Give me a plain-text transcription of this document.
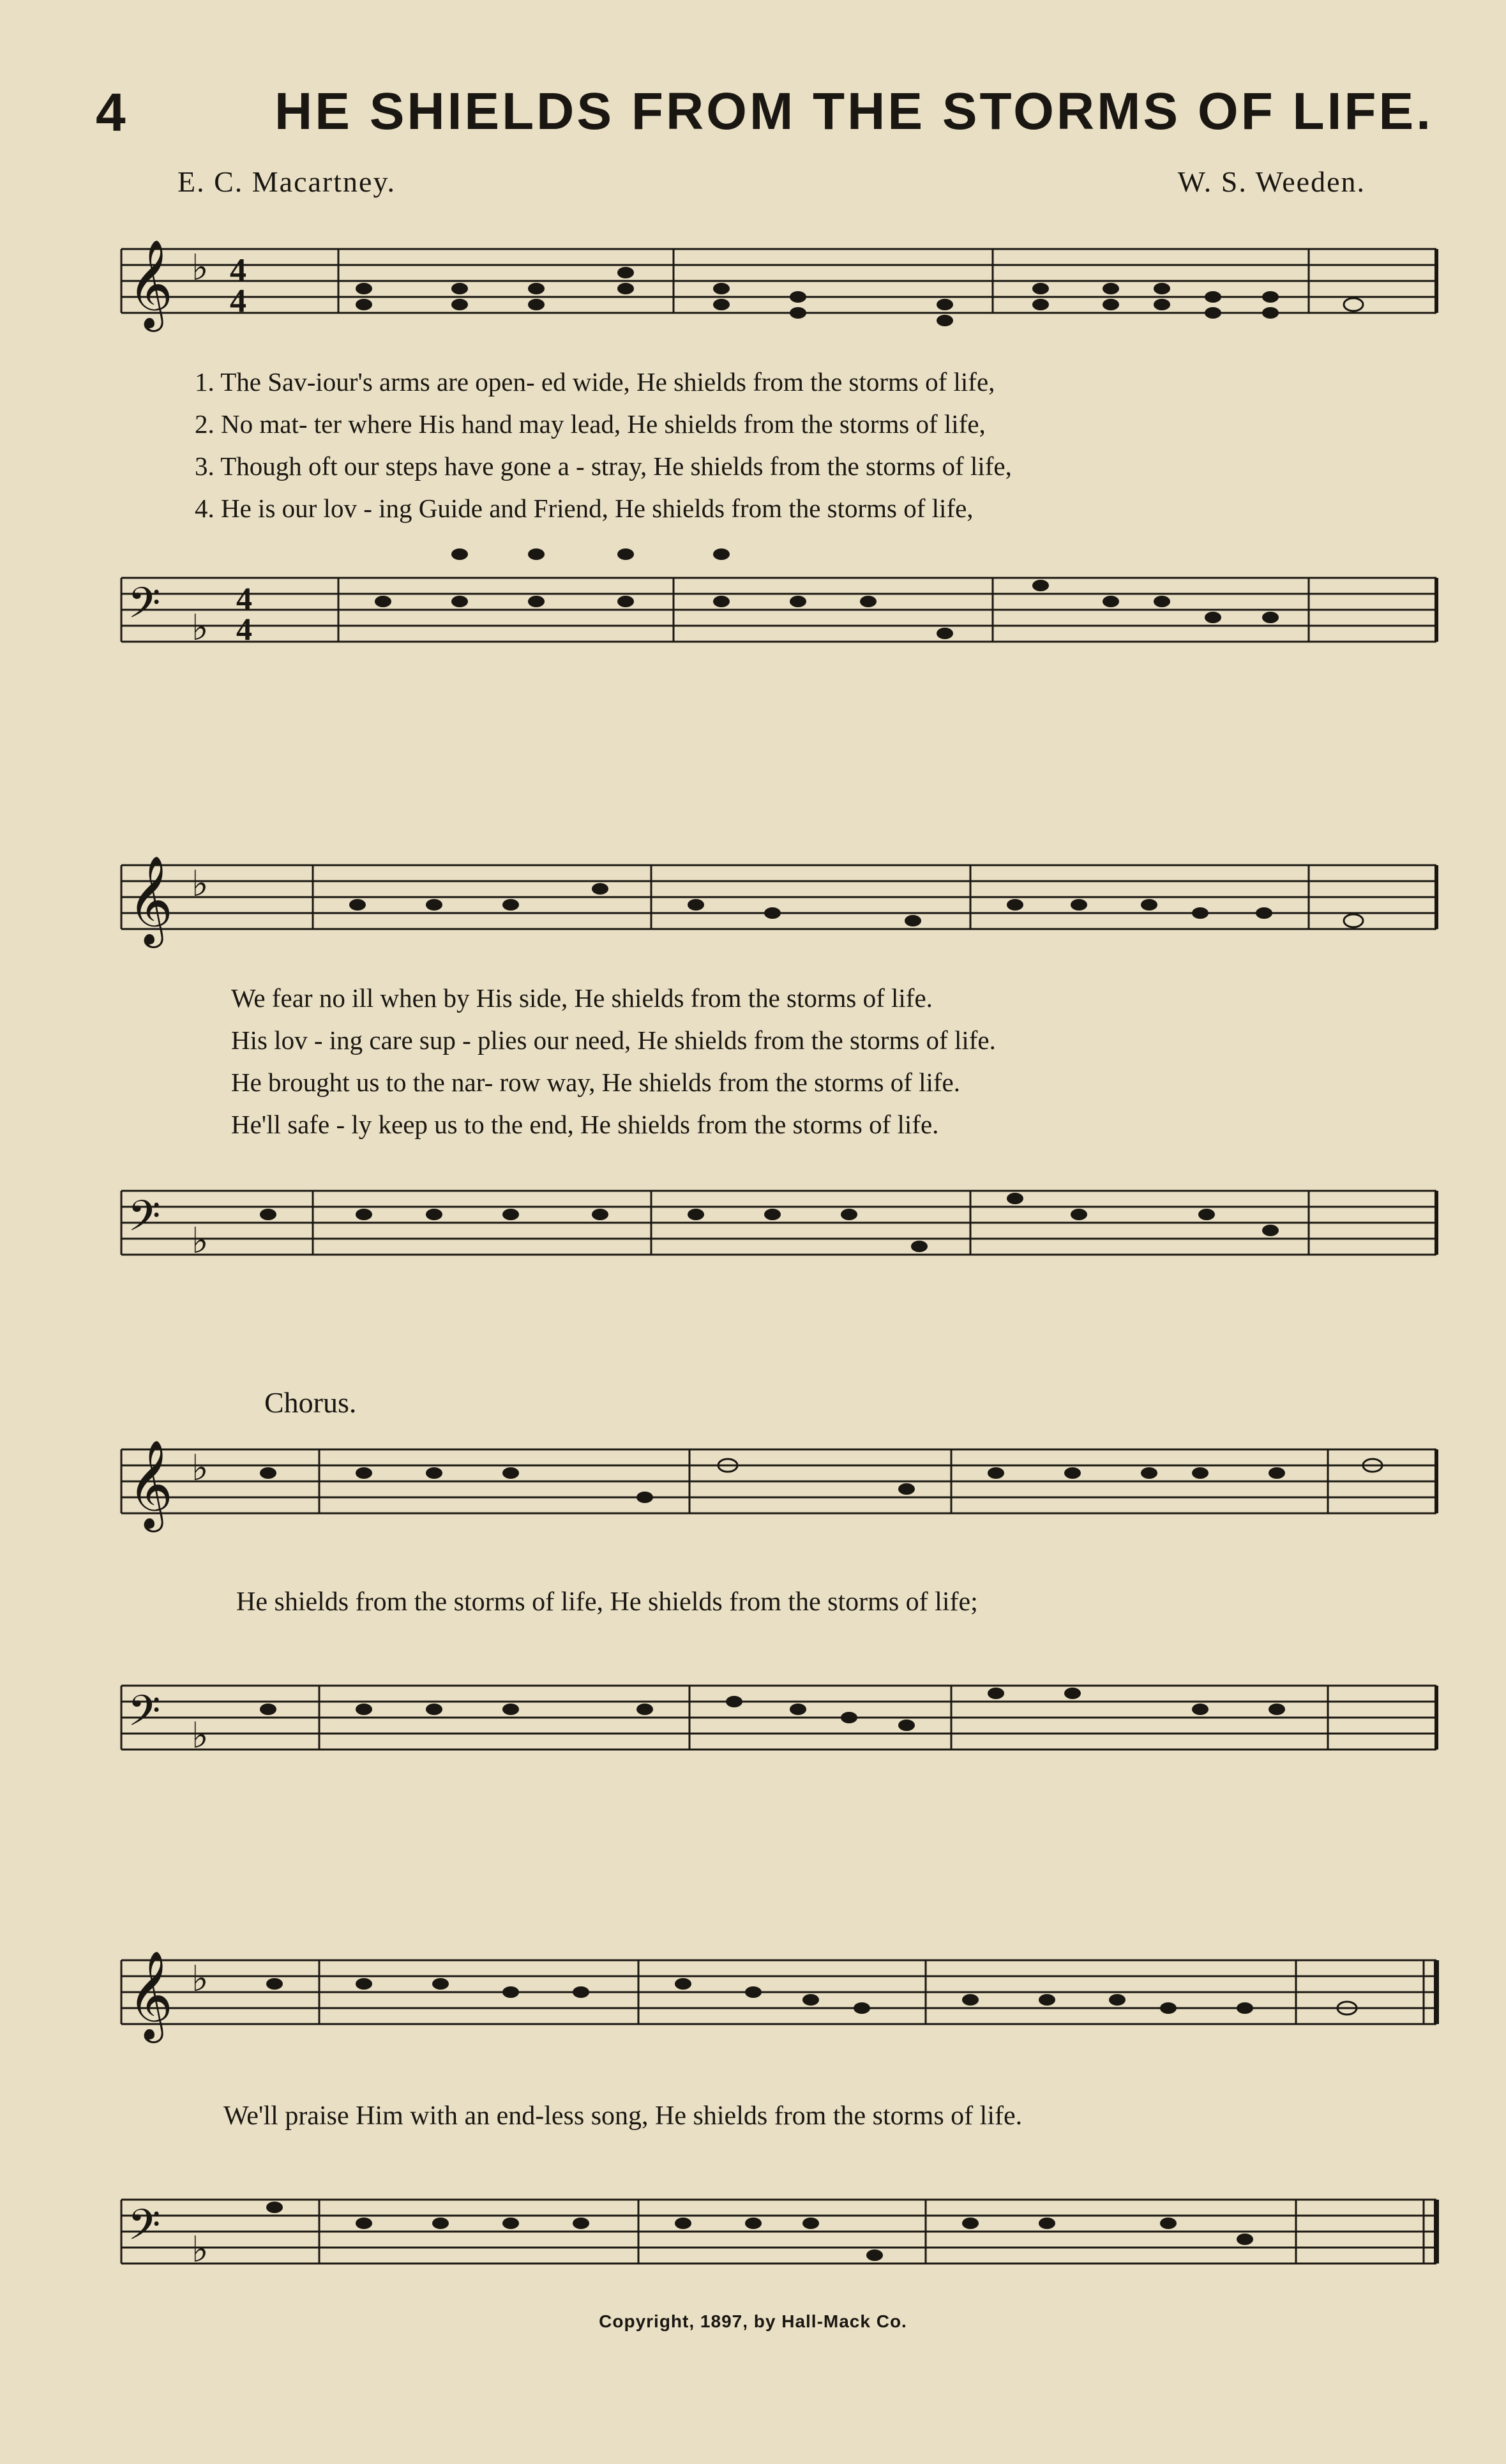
4	HE SHIELDS FROM THE STORMS OF LIFE.
E. C. Macartney.	W. S. Weeden.
𝄞 ♭ 4
4
1. The Sav-iour's arms are open- ed wide, He shields from the storms of life,
2. No mat- ter where His hand may lead, He shields from the storms of life,
3. Though oft our steps have gone a - stray, He shields from the storms of life,
4. He is our lov - ing Guide and Friend, He shields from the storms of life,
𝄢 ♭
4
4
𝄞 ♭
We fear no ill when by His side, He shields from the storms of life.
His lov - ing care sup - plies our need, He shields from the storms of life.
He brought us to the nar- row way, He shields from the storms of life.
He'll safe - ly keep us to the end, He shields from the storms of life.
𝄢 ♭
Chorus.
𝄞 ♭
He shields from the storms of life, He shields from the storms of life;
𝄢 ♭
𝄞 ♭
We'll praise Him with an end-less song, He shields from the storms of life.
𝄢 ♭
Copyright, 1897, by Hall-Mack Co.
